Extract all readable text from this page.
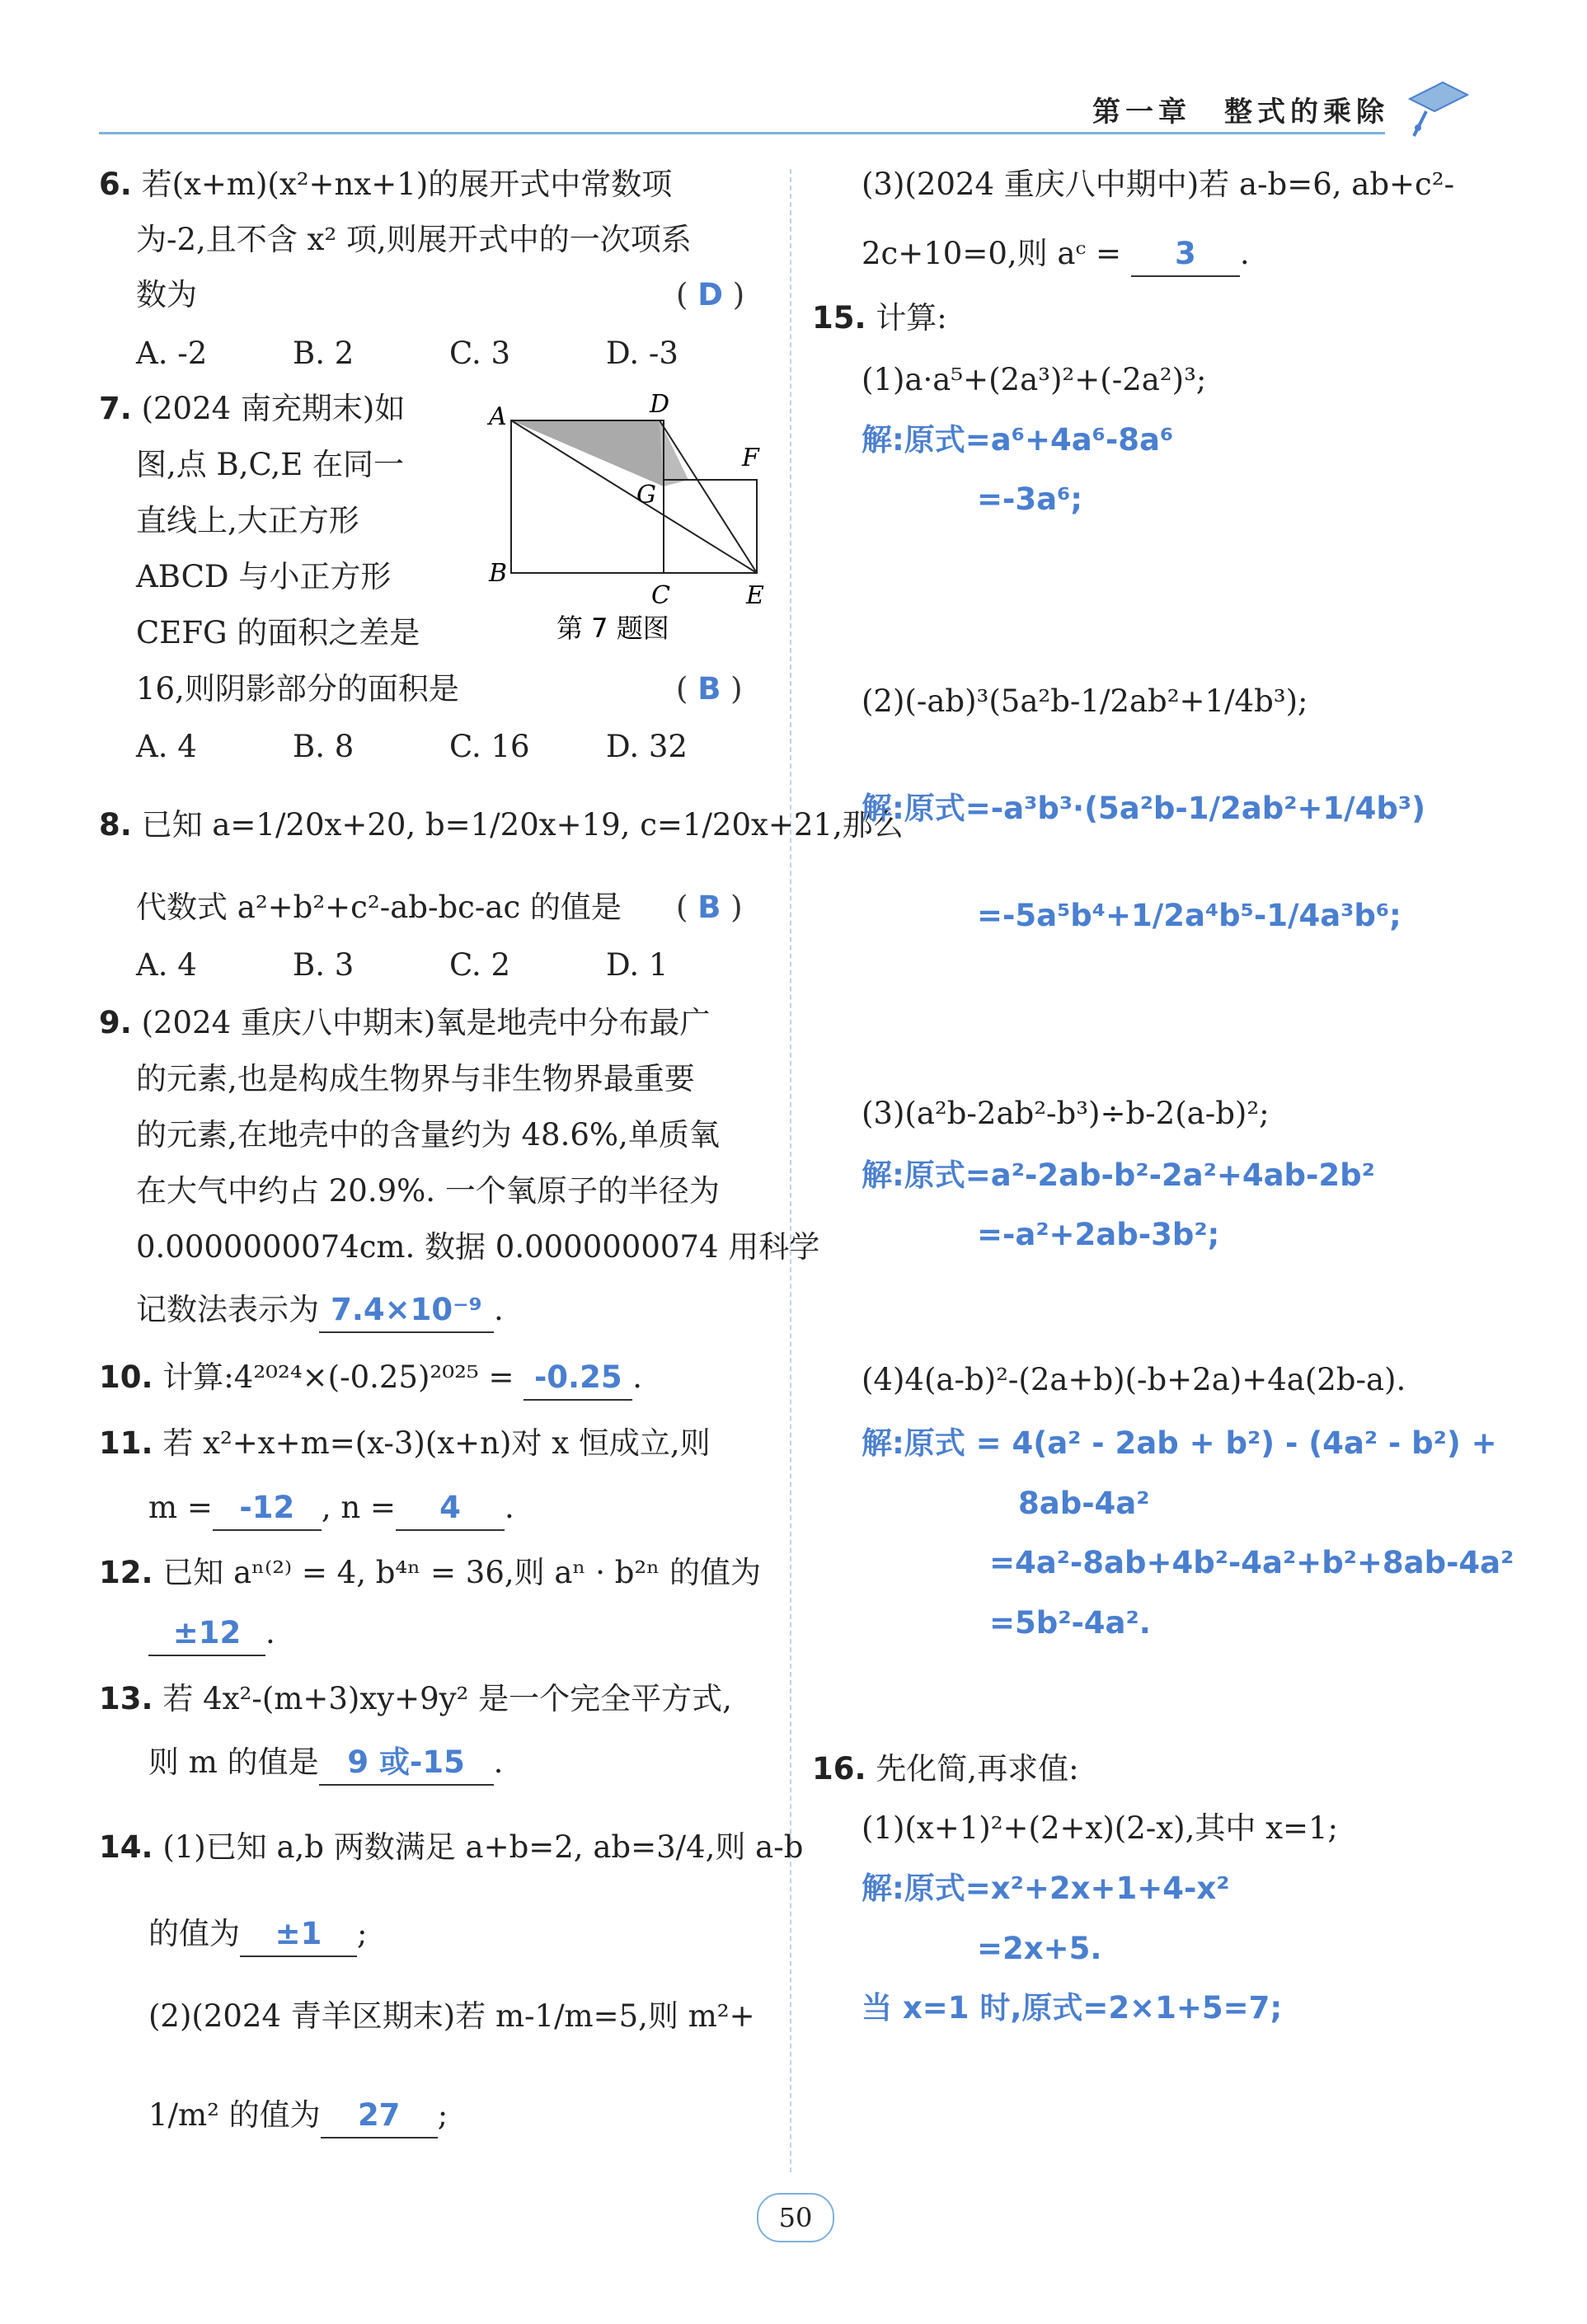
第一章　整式的乘除
6. 若(x+m)(x²+nx+1)的展开式中常数项
为-2,且不含 x² 项,则展开式中的一次项系
数为	( D )
A. -2	B. 2	C. 3	D. -3
7. (2024 南充期末)如
图,点 B,C,E 在同一
直线上,大正方形
ABCD 与小正方形
CEFG 的面积之差是
16,则阴影部分的面积是	( B )
A. 4	B. 8	C. 16 D. 32
A	D
F
G
B
C	E
第 7 题图
8. 已知 a=1/20x+20, b=1/20x+19, c=1/20x+21,那么
代数式 a²+b²+c²-ab-bc-ac 的值是 ( B )
A. 4	B. 3	C. 2	D. 1
9. (2024 重庆八中期末)氧是地壳中分布最广
的元素,也是构成生物界与非生物界最重要
的元素,在地壳中的含量约为 48.6%,单质氧
在大气中约占 20.9%. 一个氧原子的半径为
0.0000000074cm. 数据 0.0000000074 用科学
记数法表示为 7.4×10⁻⁹ .
10. 计算:4²⁰²⁴×(-0.25)²⁰²⁵ = -0.25 .
11. 若 x²+x+m=(x-3)(x+n)对 x 恒成立,则
m = -12 , n = 4 .
12. 已知 aⁿ⁽²⁾ = 4, b⁴ⁿ = 36,则 aⁿ · b²ⁿ 的值为
±12 .
13. 若 4x²-(m+3)xy+9y² 是一个完全平方式,
则 m 的值是 9 或-15 .
14. (1)已知 a,b 两数满足 a+b=2, ab=3/4,则 a-b
的值为 ±1 ;
(2)(2024 青羊区期末)若 m-1/m=5,则 m²+
1/m² 的值为 27 ;
(3)(2024 重庆八中期中)若 a-b=6, ab+c²-
2c+10=0,则 aᶜ = 3 .
15. 计算:
(1)a·a⁵+(2a³)²+(-2a²)³;
解:原式=a⁶+4a⁶-8a⁶
=-3a⁶;
(2)(-ab)³(5a²b-1/2ab²+1/4b³);
解:原式=-a³b³·(5a²b-1/2ab²+1/4b³)
=-5a⁵b⁴+1/2a⁴b⁵-1/4a³b⁶;
(3)(a²b-2ab²-b³)÷b-2(a-b)²;
解:原式=a²-2ab-b²-2a²+4ab-2b²
=-a²+2ab-3b²;
(4)4(a-b)²-(2a+b)(-b+2a)+4a(2b-a).
解:原式 = 4(a² - 2ab + b²) - (4a² - b²) +
8ab-4a²
=4a²-8ab+4b²-4a²+b²+8ab-4a²
=5b²-4a².
16. 先化简,再求值:
(1)(x+1)²+(2+x)(2-x),其中 x=1;
解:原式=x²+2x+1+4-x²
=2x+5.
当 x=1 时,原式=2×1+5=7;
50
